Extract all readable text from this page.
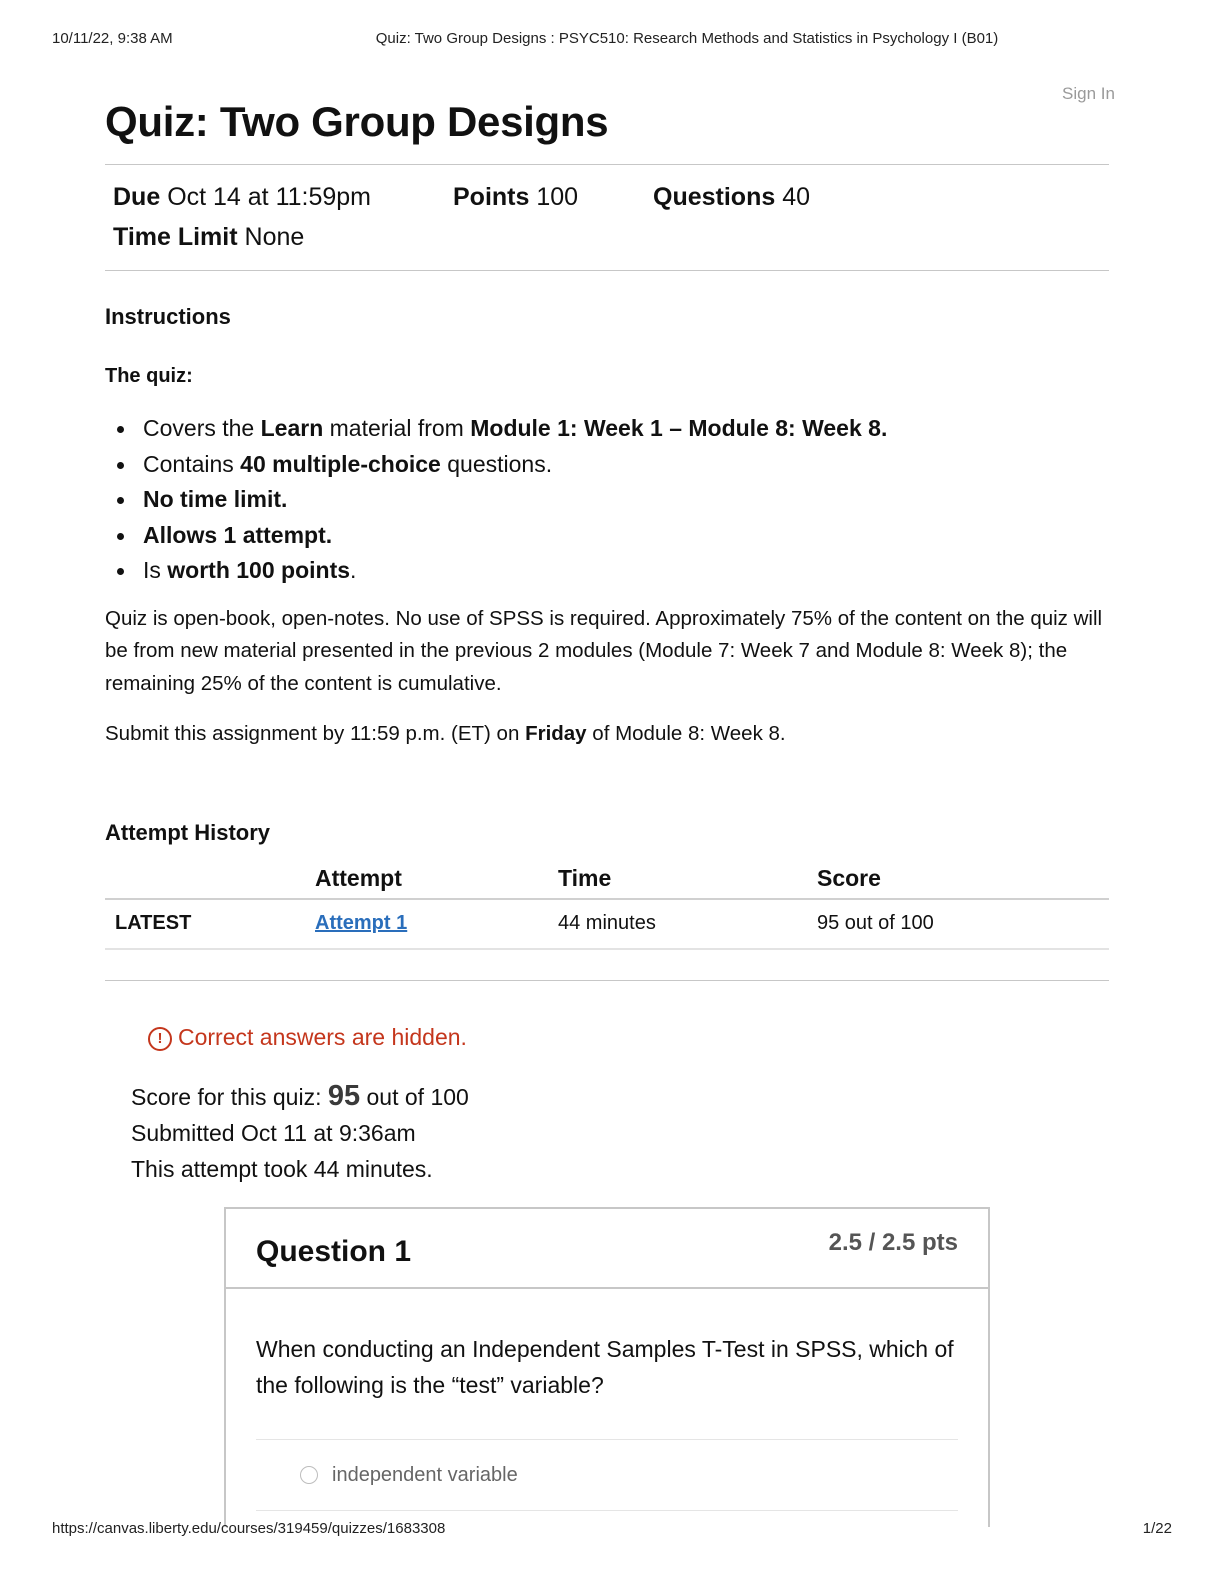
10/11/22, 9:38 AM	Quiz: Two Group Designs : PSYC510: Research Methods and Statistics in Psychology I (B01)
Sign In
Quiz: Two Group Designs
Due Oct 14 at 11:59pm	Points 100	Questions 40
Time Limit None
Instructions

The quiz:

Covers the Learn material from Module 1: Week 1 – Module 8: Week 8.
Contains 40 multiple-choice questions.
No time limit.
Allows 1 attempt.
Is worth 100 points.

Quiz is open-book, open-notes. No use of SPSS is required. Approximately 75% of the content on the quiz will be from new material presented in the previous 2 modules (Module 7: Week 7 and Module 8: Week 8); the remaining 25% of the content is cumulative.

Submit this assignment by 11:59 p.m. (ET) on Friday of Module 8: Week 8.

Attempt History
	Attempt	Time	Score
LATEST	Attempt 1	44 minutes	95 out of 100
! Correct answers are hidden.
Score for this quiz: 95 out of 100
Submitted Oct 11 at 9:36am
This attempt took 44 minutes.
Question 1	2.5 / 2.5 pts

When conducting an Independent Samples T-Test in SPSS, which of the following is the “test” variable?

independent variable
https://canvas.liberty.edu/courses/319459/quizzes/1683308	1/22
